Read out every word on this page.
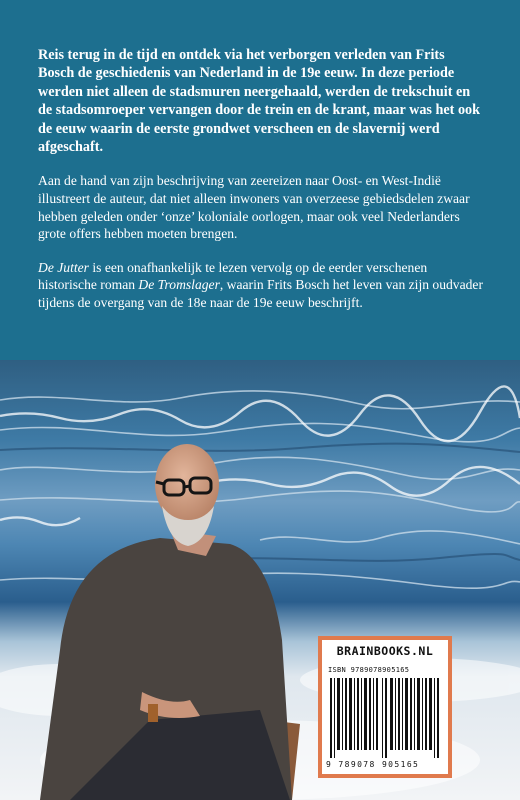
Reis terug in de tijd en ontdek via het verborgen verleden van Frits Bosch de geschiedenis van Nederland in de 19e eeuw. In deze periode werden niet alleen de stadsmuren neergehaald, werden de trekschuit en de stadsomroeper vervangen door de trein en de krant, maar was het ook de eeuw waarin de eerste grondwet verscheen en de slavernij werd afgeschaft.

Aan de hand van zijn beschrijving van zeereizen naar Oost- en West-Indië illustreert de auteur, dat niet alleen inwoners van overzeese gebiedsdelen zwaar hebben geleden onder ‘onze’ koloniale oorlogen, maar ook veel Nederlanders grote offers hebben moeten brengen.

De Jutter is een onafhankelijk te lezen vervolg op de eerder verschenen historische roman De Tromslager, waarin Frits Bosch het leven van zijn oudvader tijdens de overgang van de 18e naar de 19e eeuw beschrijft.

BRAINBOOKS.NL
ISBN 9789078905165
9 789078 905165
